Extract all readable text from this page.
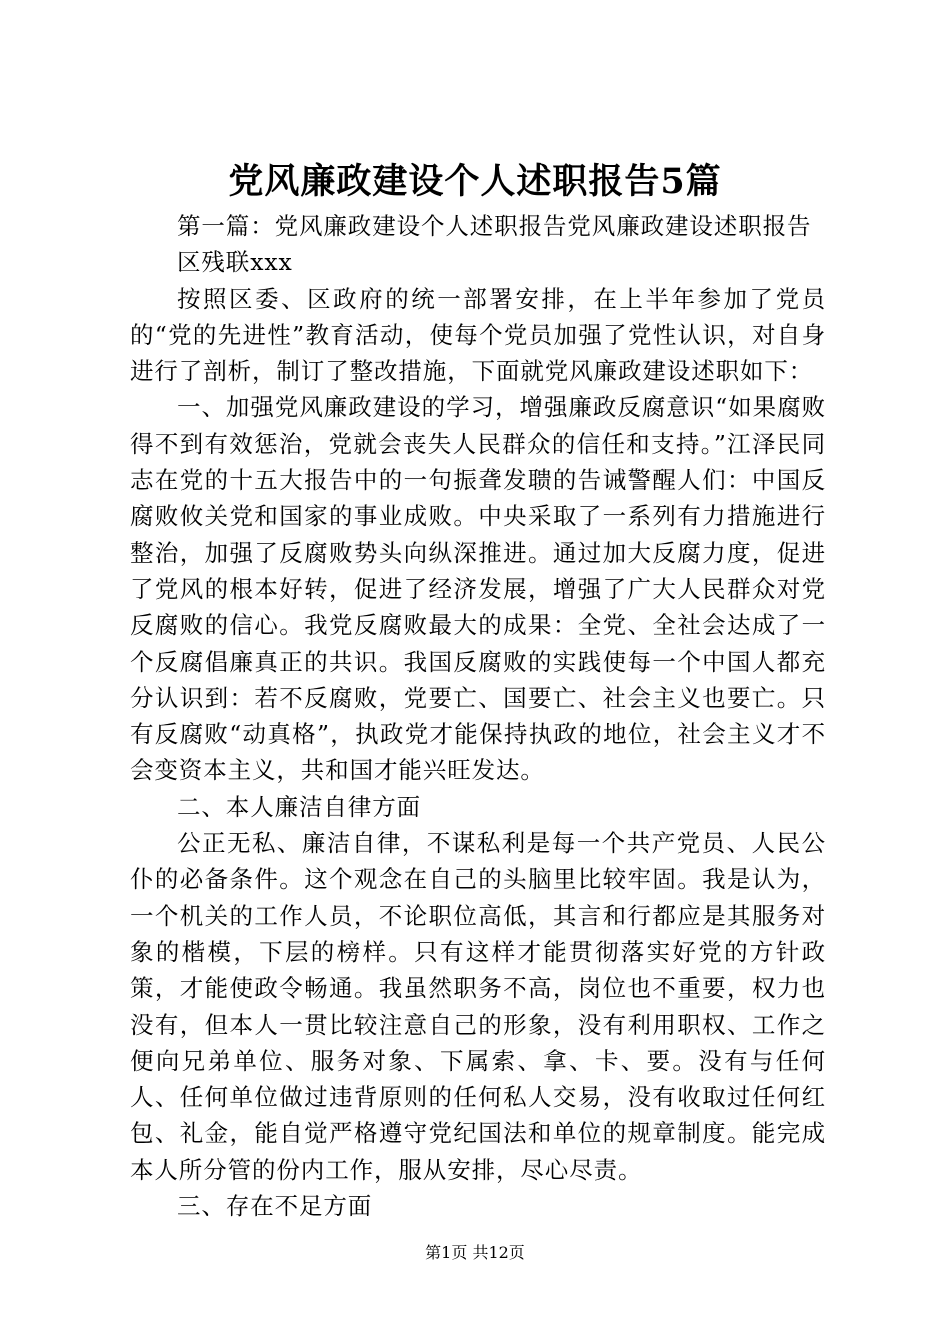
党风廉政建设个人述职报告5篇

第一篇：党风廉政建设个人述职报告党风廉政建设述职报告

区残联xxx

按照区委、区政府的统一部署安排，在上半年参加了党员的“党的先进性”教育活动，使每个党员加强了党性认识，对自身进行了剖析，制订了整改措施，下面就党风廉政建设述职如下：

一、加强党风廉政建设的学习，增强廉政反腐意识“如果腐败得不到有效惩治，党就会丧失人民群众的信任和支持。”江泽民同志在党的十五大报告中的一句振聋发聩的告诫警醒人们：中国反腐败攸关党和国家的事业成败。中央采取了一系列有力措施进行整治，加强了反腐败势头向纵深推进。通过加大反腐力度，促进了党风的根本好转，促进了经济发展，增强了广大人民群众对党反腐败的信心。我党反腐败最大的成果：全党、全社会达成了一个反腐倡廉真正的共识。我国反腐败的实践使每一个中国人都充分认识到：若不反腐败，党要亡、国要亡、社会主义也要亡。只有反腐败“动真格”，执政党才能保持执政的地位，社会主义才不会变资本主义，共和国才能兴旺发达。

二、本人廉洁自律方面

公正无私、廉洁自律，不谋私利是每一个共产党员、人民公仆的必备条件。这个观念在自己的头脑里比较牢固。我是认为，一个机关的工作人员，不论职位高低，其言和行都应是其服务对象的楷模，下层的榜样。只有这样才能贯彻落实好党的方针政策，才能使政令畅通。我虽然职务不高，岗位也不重要，权力也没有，但本人一贯比较注意自己的形象，没有利用职权、工作之便向兄弟单位、服务对象、下属索、拿、卡、要。没有与任何人、任何单位做过违背原则的任何私人交易，没有收取过任何红包、礼金，能自觉严格遵守党纪国法和单位的规章制度。能完成本人所分管的份内工作，服从安排，尽心尽责。

三、存在不足方面

第1页 共12页
